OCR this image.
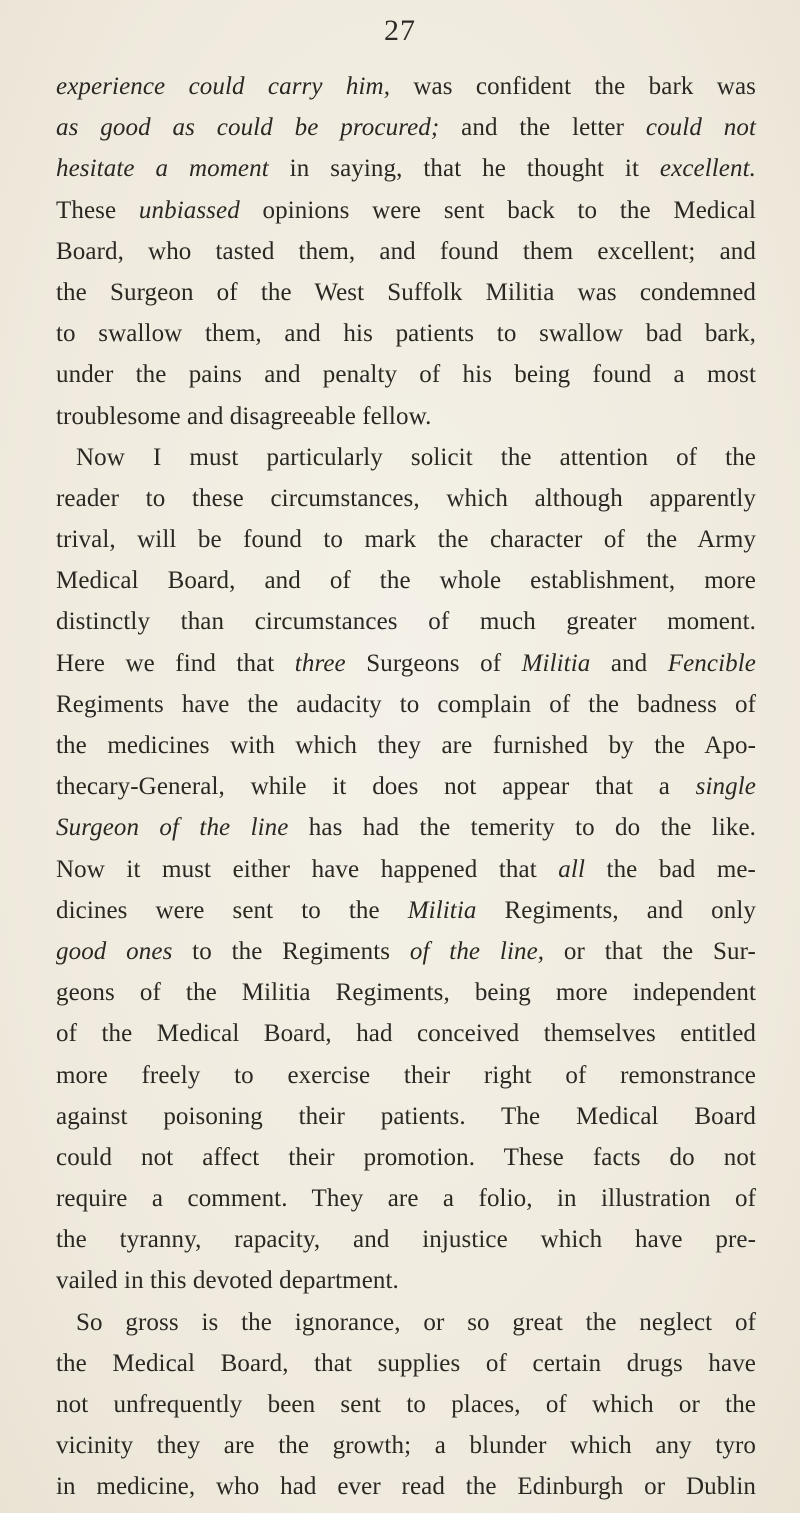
27
experience could carry him, was confident the bark was
as good as could be procured; and the letter could not
hesitate a moment in saying, that he thought it excellent.
These unbiassed opinions were sent back to the Medical
Board, who tasted them, and found them excellent; and
the Surgeon of the West Suffolk Militia was condemned
to swallow them, and his patients to swallow bad bark,
under the pains and penalty of his being found a most
troublesome and disagreeable fellow.
Now I must particularly solicit the attention of the
reader to these circumstances, which although apparently
trival, will be found to mark the character of the Army
Medical Board, and of the whole establishment, more
distinctly than circumstances of much greater moment.
Here we find that three Surgeons of Militia and Fencible
Regiments have the audacity to complain of the badness of
the medicines with which they are furnished by the Apo-
thecary-General, while it does not appear that a single
Surgeon of the line has had the temerity to do the like.
Now it must either have happened that all the bad me-
dicines were sent to the Militia Regiments, and only
good ones to the Regiments of the line, or that the Sur-
geons of the Militia Regiments, being more independent
of the Medical Board, had conceived themselves entitled
more freely to exercise their right of remonstrance
against poisoning their patients. The Medical Board
could not affect their promotion. These facts do not
require a comment. They are a folio, in illustration of
the tyranny, rapacity, and injustice which have pre-
vailed in this devoted department.
So gross is the ignorance, or so great the neglect of
the Medical Board, that supplies of certain drugs have
not unfrequently been sent to places, of which or the
vicinity they are the growth; a blunder which any tyro
in medicine, who had ever read the Edinburgh or Dublin
